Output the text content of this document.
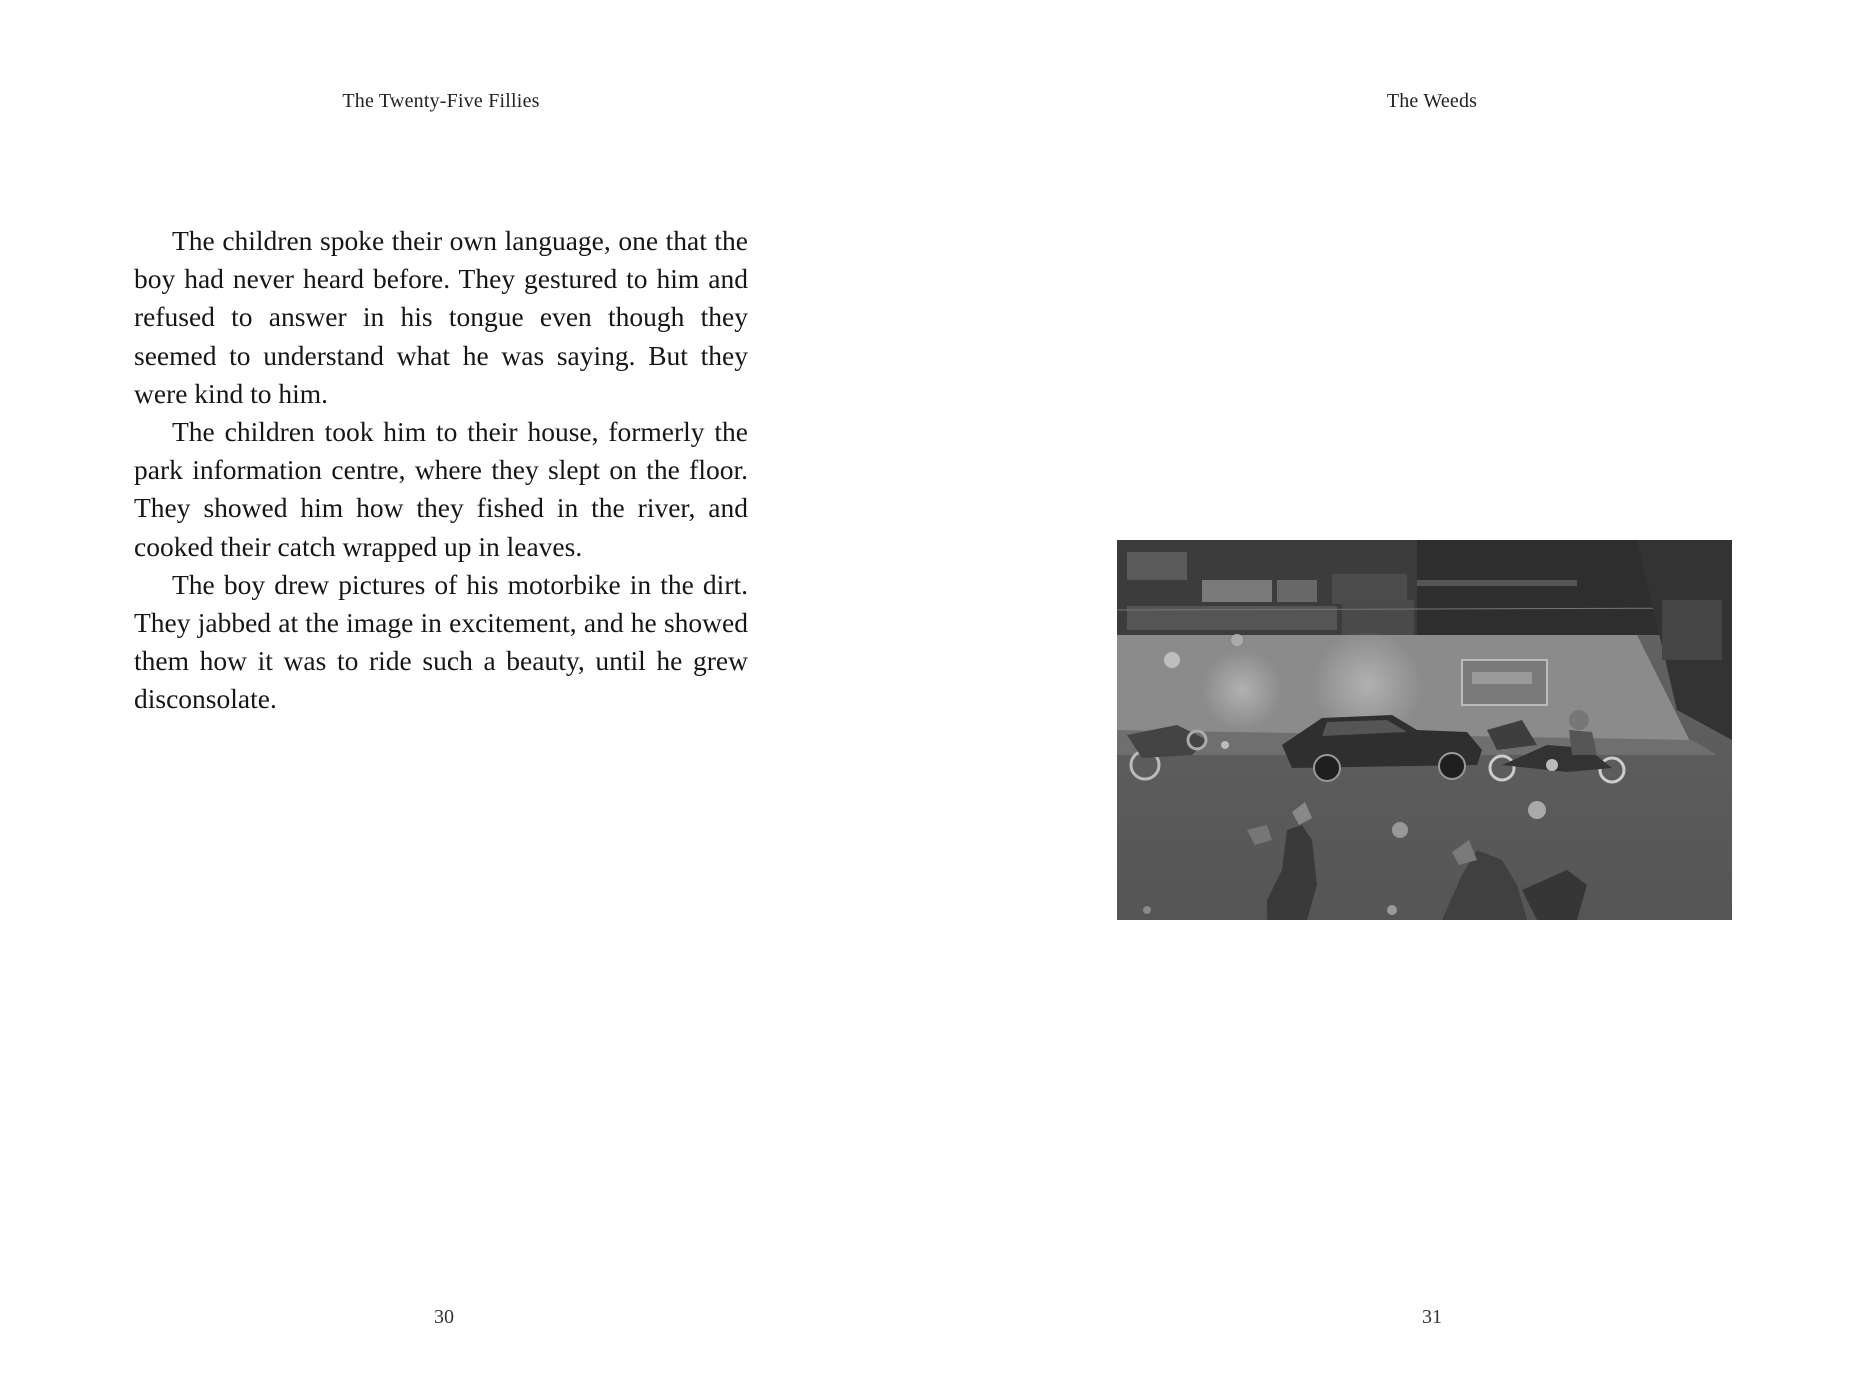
The Twenty-Five Fillies

The children spoke their own language, one that the boy had never heard before. They gestured to him and refused to answer in his tongue even though they seemed to understand what he was saying. But they were kind to him.

The children took him to their house, formerly the park information centre, where they slept on the floor. They showed him how they fished in the river, and cooked their catch wrapped up in leaves.

The boy drew pictures of his motorbike in the dirt. They jabbed at the image in excitement, and he showed them how it was to ride such a beauty, until he grew disconsolate.

30
The Weeds
31
